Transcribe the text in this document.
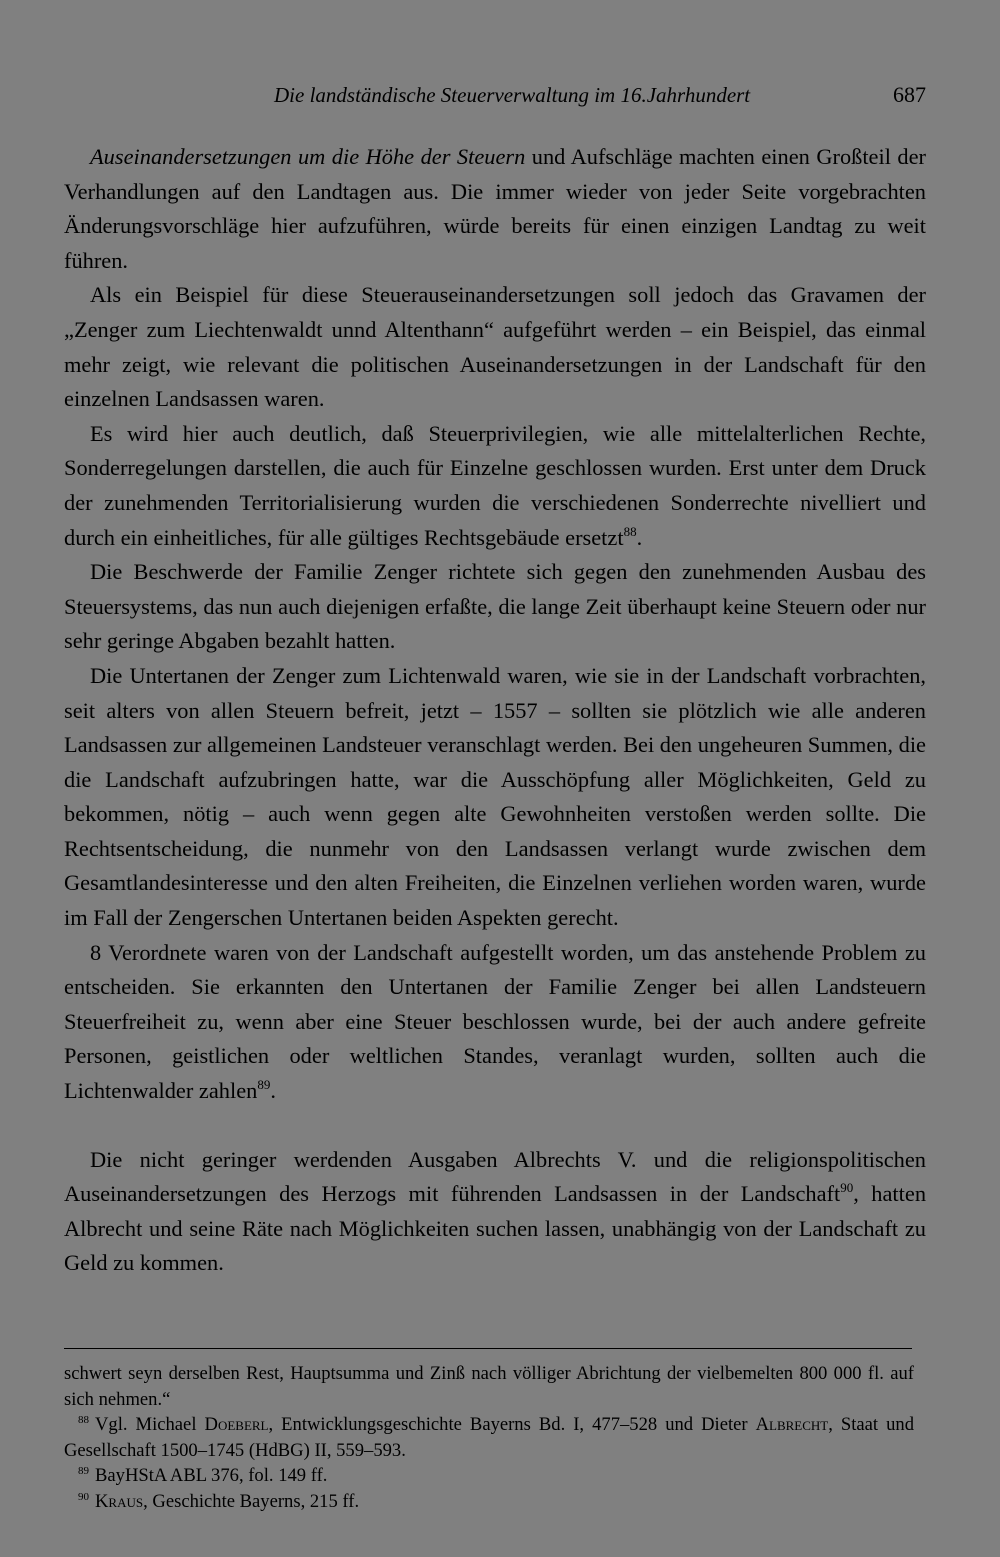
Die landständische Steuerverwaltung im 16.Jahrhundert	687

Auseinandersetzungen um die Höhe der Steuern und Aufschläge machten einen Großteil der Verhandlungen auf den Landtagen aus. Die immer wieder von jeder Seite vorgebrachten Änderungsvorschläge hier aufzuführen, würde bereits für einen einzigen Landtag zu weit führen.

Als ein Beispiel für diese Steuerauseinandersetzungen soll jedoch das Gravamen der „Zenger zum Liechtenwaldt unnd Altenthann“ aufgeführt werden – ein Beispiel, das einmal mehr zeigt, wie relevant die politischen Auseinandersetzungen in der Landschaft für den einzelnen Landsassen waren.

Es wird hier auch deutlich, daß Steuerprivilegien, wie alle mittelalterlichen Rechte, Sonderregelungen darstellen, die auch für Einzelne geschlossen wurden. Erst unter dem Druck der zunehmenden Territorialisierung wurden die verschiedenen Sonderrechte nivelliert und durch ein einheitliches, für alle gültiges Rechtsgebäude ersetzt$^{88}$.

Die Beschwerde der Familie Zenger richtete sich gegen den zunehmenden Ausbau des Steuersystems, das nun auch diejenigen erfaßte, die lange Zeit überhaupt keine Steuern oder nur sehr geringe Abgaben bezahlt hatten.

Die Untertanen der Zenger zum Lichtenwald waren, wie sie in der Landschaft vorbrachten, seit alters von allen Steuern befreit, jetzt – 1557 – sollten sie plötzlich wie alle anderen Landsassen zur allgemeinen Landsteuer veranschlagt werden. Bei den ungeheuren Summen, die die Landschaft aufzubringen hatte, war die Ausschöpfung aller Möglichkeiten, Geld zu bekommen, nötig – auch wenn gegen alte Gewohnheiten verstoßen werden sollte. Die Rechtsentscheidung, die nunmehr von den Landsassen verlangt wurde zwischen dem Gesamtlandesinteresse und den alten Freiheiten, die Einzelnen verliehen worden waren, wurde im Fall der Zengerschen Untertanen beiden Aspekten gerecht.

8 Verordnete waren von der Landschaft aufgestellt worden, um das anstehende Problem zu entscheiden. Sie erkannten den Untertanen der Familie Zenger bei allen Landsteuern Steuerfreiheit zu, wenn aber eine Steuer beschlossen wurde, bei der auch andere gefreite Personen, geistlichen oder weltlichen Standes, veranlagt wurden, sollten auch die Lichtenwalder zahlen$^{89}$.

Die nicht geringer werdenden Ausgaben Albrechts V. und die religionspolitischen Auseinandersetzungen des Herzogs mit führenden Landsassen in der Landschaft$^{90}$, hatten Albrecht und seine Räte nach Möglichkeiten suchen lassen, unabhängig von der Landschaft zu Geld zu kommen.

schwert seyn derselben Rest, Hauptsumma und Zinß nach völliger Abrichtung der vielbemelten 800 000 fl. auf sich nehmen.“

$^{88}$ Vgl. Michael Doeberl, Entwicklungsgeschichte Bayerns Bd. I, 477–528 und Dieter Albrecht, Staat und Gesellschaft 1500–1745 (HdBG) II, 559–593.

$^{89}$ BayHStA ABL 376, fol. 149 ff.

$^{90}$ Kraus, Geschichte Bayerns, 215 ff.
